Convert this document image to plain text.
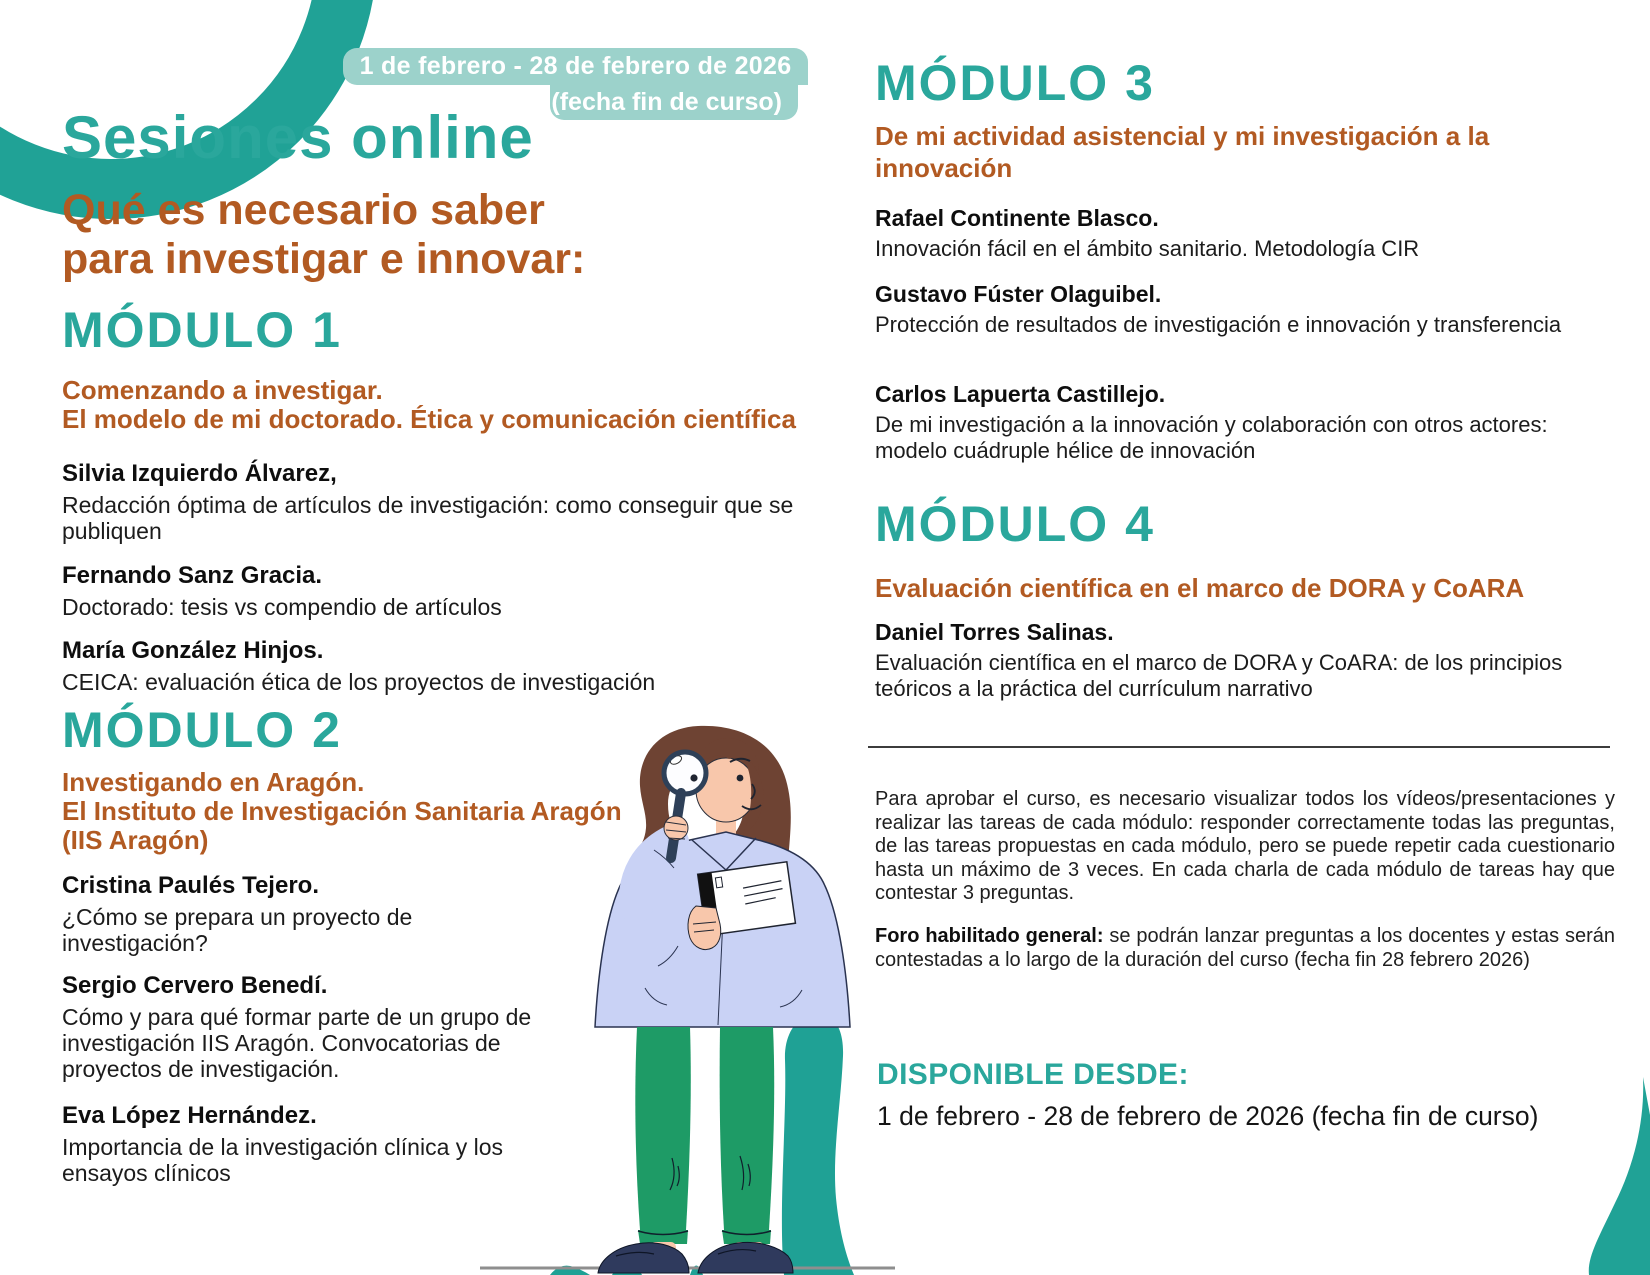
1 de febrero - 28 de febrero de 2026
(fecha fin de curso)
Sesiones online
Qué es necesario saber
para investigar e innovar:
MÓDULO 1
Comenzando a investigar.
El modelo de mi doctorado. Ética y comunicación científica
Silvia Izquierdo Álvarez,
Redacción óptima de artículos de investigación: como conseguir que se publiquen
Fernando Sanz Gracia.
Doctorado: tesis vs compendio de artículos
María González Hinjos.
CEICA: evaluación ética de los proyectos de investigación
MÓDULO 2
Investigando en Aragón.
El Instituto de Investigación Sanitaria Aragón
(IIS Aragón)
Cristina Paulés Tejero.
¿Cómo se prepara un proyecto de investigación?
Sergio Cervero Benedí.
Cómo y para qué formar parte de un grupo de investigación IIS Aragón. Convocatorias de proyectos de investigación.
Eva López Hernández.
Importancia de la investigación clínica y los ensayos clínicos
MÓDULO 3
De mi actividad asistencial y mi investigación a la
innovación
Rafael Continente Blasco.
Innovación fácil en el ámbito sanitario. Metodología CIR
Gustavo Fúster Olaguibel.
Protección de resultados de investigación e innovación y transferencia
Carlos Lapuerta Castillejo.
De mi investigación a la innovación y colaboración con otros actores: modelo cuádruple hélice de innovación
MÓDULO 4
Evaluación científica en el marco de DORA y CoARA
Daniel Torres Salinas.
Evaluación científica en el marco de DORA y CoARA: de los principios teóricos a la práctica del currículum narrativo
Para aprobar el curso, es necesario visualizar todos los vídeos/presentaciones y realizar las tareas de cada módulo: responder correctamente todas las preguntas, de las tareas propuestas en cada módulo, pero se puede repetir cada cuestionario hasta un máximo de 3 veces. En cada charla de cada módulo de tareas hay que contestar 3 preguntas.
Foro habilitado general: se podrán lanzar preguntas a los docentes y estas serán contestadas a lo largo de la duración del curso (fecha fin 28 febrero 2026)
DISPONIBLE DESDE:
1 de febrero - 28 de febrero de 2026 (fecha fin de curso)
